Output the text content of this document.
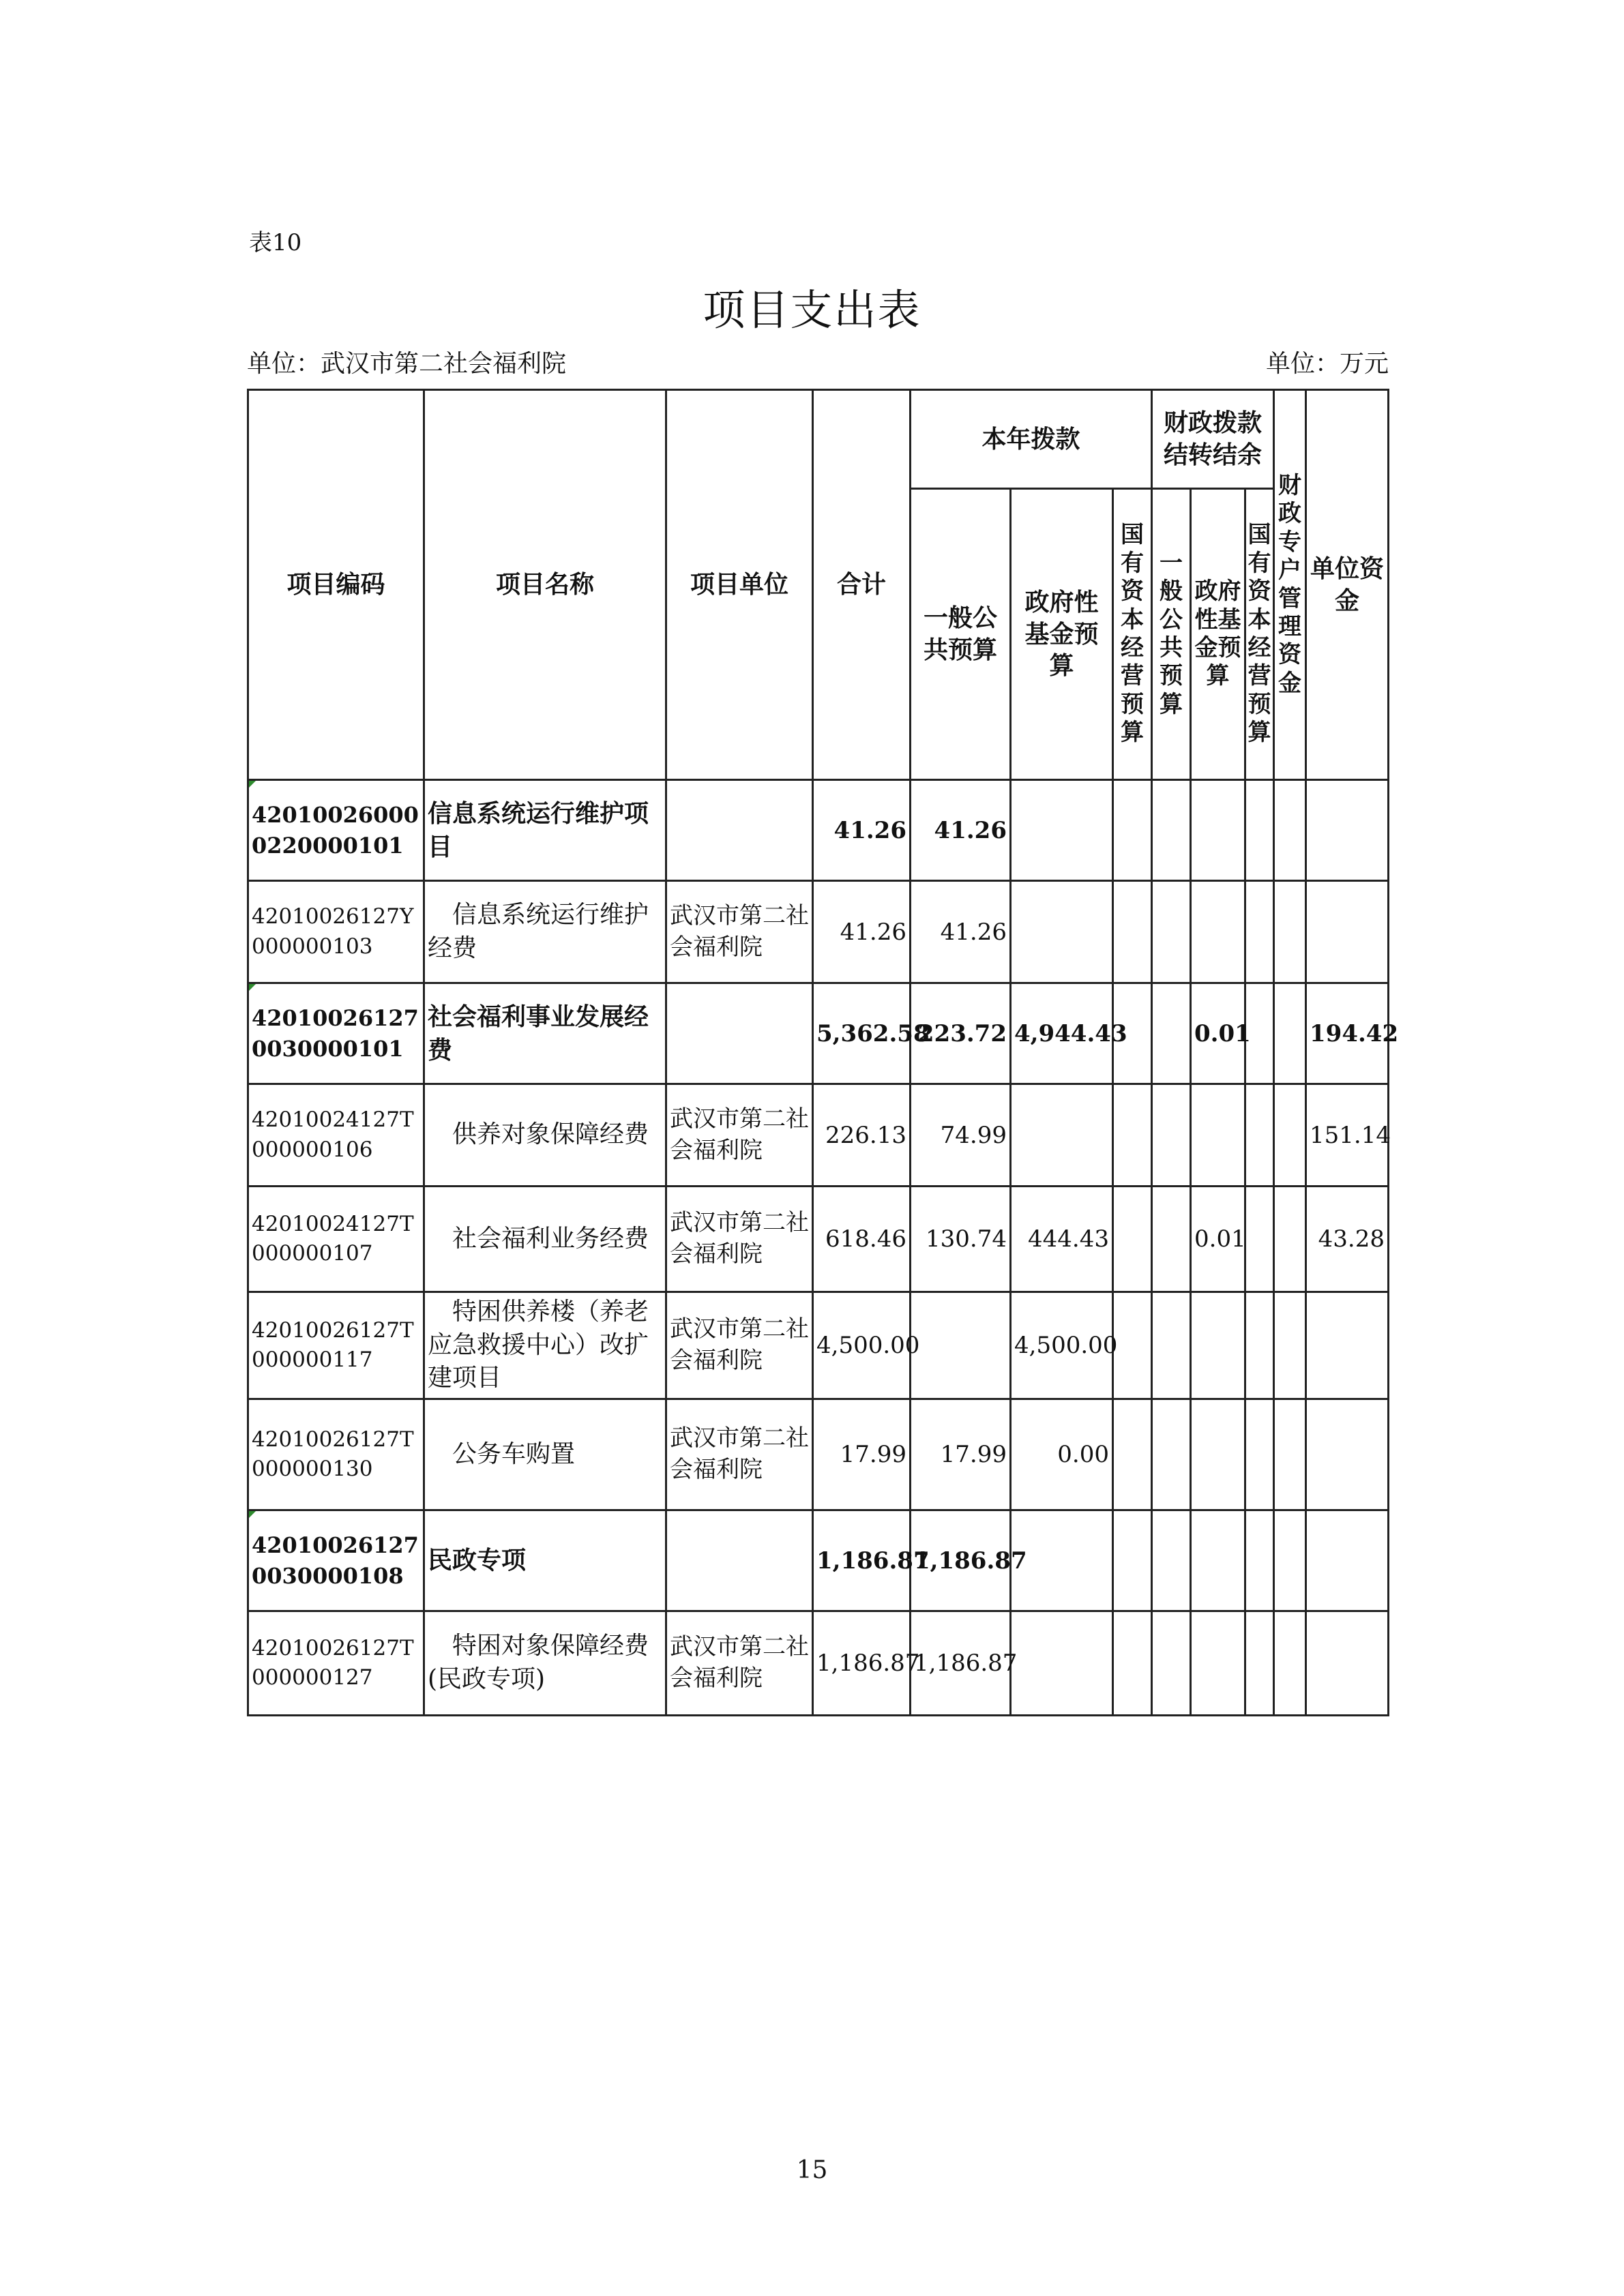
表10
项目支出表
单位：武汉市第二社会福利院	单位：万元
项目编码	项目名称	项目单位	合计	本年拨款			财政拨款结转结余			财政专户管理资金	单位资金
				一般公共预算	政府性基金预算	国有资本经营预算	一般公共预算	政府性基金预算	国有资本经营预算		
420100260000220000101	信息系统运行维护项目		41.26	41.26							
42010026127Y000000103	信息系统运行维护经费	武汉市第二社会福利院	41.26	41.26							
420100261270030000101	社会福利事业发展经费		5,362.58	223.72	4,944.43			0.01			194.42
42010024127T000000106	供养对象保障经费	武汉市第二社会福利院	226.13	74.99							151.14
42010024127T000000107	社会福利业务经费	武汉市第二社会福利院	618.46	130.74	444.43			0.01			43.28
42010026127T000000117	特困供养楼（养老应急救援中心）改扩建项目	武汉市第二社会福利院	4,500.00		4,500.00						
42010026127T000000130	公务车购置	武汉市第二社会福利院	17.99	17.99	0.00						
420100261270030000108	民政专项		1,186.87	1,186.87							
42010026127T000000127	特困对象保障经费(民政专项)	武汉市第二社会福利院	1,186.87	1,186.87							
15
